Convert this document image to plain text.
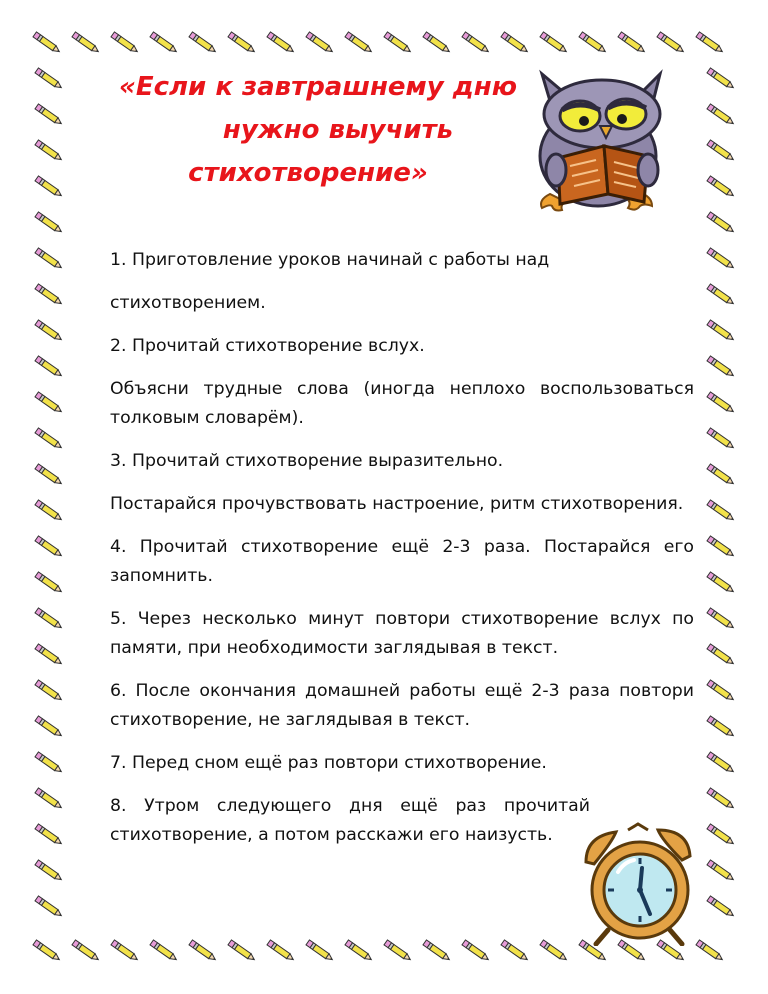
«Если к завтрашнему дню
нужно выучить
стихотворение»

1. Приготовление уроков начинай с работы над

стихотворением.

2. Прочитай стихотворение вслух.

Объясни трудные слова (иногда неплохо воспользоваться толковым словарём).

3. Прочитай стихотворение выразительно.

Постарайся прочувствовать настроение, ритм стихотворения.

4. Прочитай стихотворение ещё 2-3 раза. Постарайся его запомнить.

5. Через несколько минут повтори стихотворение вслух по памяти, при необходимости заглядывая в текст.

6. После окончания домашней работы ещё 2-3 раза повтори стихотворение, не заглядывая в текст.

7. Перед сном ещё раз повтори стихотворение.

8. Утром следующего дня ещё раз прочитай стихотворение, а потом расскажи его наизусть.
